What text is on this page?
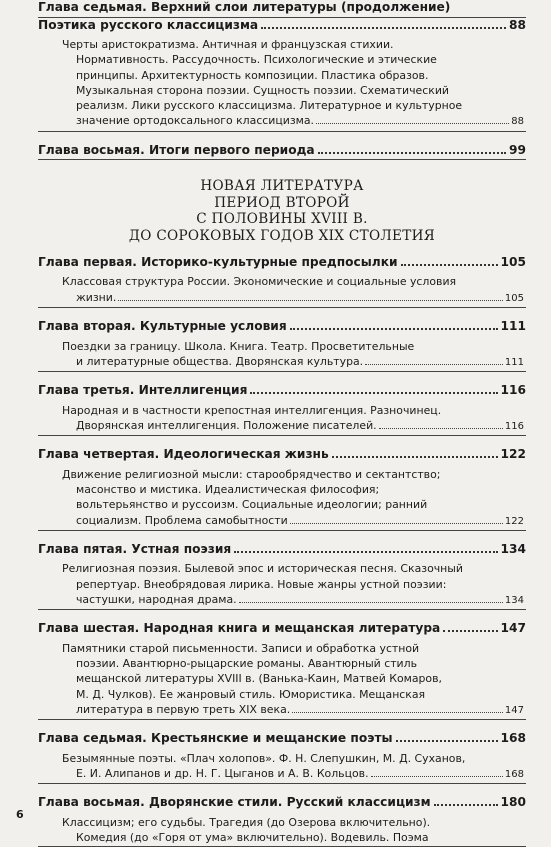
Глава седьмая. Верхний слои литературы (продолжение)
Поэтика русского классицизма	88
Черты аристократизма. Античная и французская стихии.
Нормативность. Рассудочность. Психологические и этические
принципы. Архитектурность композиции. Пластика образов.
Музыкальная сторона поэзии. Сущность поэзии. Схематический
реализм. Лики русского классицизма. Литературное и культурное
значение ортодоксального классицизма.	88
Глава восьмая. Итоги первого периода	99
НОВАЯ ЛИТЕРАТУРА
ПЕРИОД ВТОРОЙ
С ПОЛОВИНЫ XVIII В.
ДО СОРОКОВЫХ ГОДОВ XIX СТОЛЕТИЯ
Глава первая. Историко-культурные предпосылки	105
Классовая структура России. Экономические и социальные условия
жизни.	105
Глава вторая. Культурные условия	111
Поездки за границу. Школа. Книга. Театр. Просветительные
и литературные общества. Дворянская культура.	111
Глава третья. Интеллигенция	116
Народная и в частности крепостная интеллигенция. Разночинец.
Дворянская интеллигенция. Положение писателей.	116
Глава четвертая. Идеологическая жизнь	122
Движение религиозной мысли: старообрядчество и сектантство;
масонство и мистика. Идеалистическая философия;
вольтерьянство и руссоизм. Социальные идеологии; ранний
социализм. Проблема самобытности	122
Глава пятая. Устная поэзия	134
Религиозная поэзия. Былевой эпос и историческая песня. Сказочный
репертуар. Внеобрядовая лирика. Новые жанры устной поэзии:
частушки, народная драма.	134
Глава шестая. Народная книга и мещанская литература	147
Памятники старой письменности. Записи и обработка устной
поэзии. Авантюрно-рыцарские романы. Авантюрный стиль
мещанской литературы XVIII в. (Ванька-Каин, Матвей Комаров,
М. Д. Чулков). Ее жанровый стиль. Юмористика. Мещанская
литература в первую треть XIX века.	147
Глава седьмая. Крестьянские и мещанские поэты	168
Безымянные поэты. «Плач холопов». Ф. Н. Слепушкин, М. Д. Суханов,
Е. И. Алипанов и др. Н. Г. Цыганов и А. В. Кольцов.	168
Глава восьмая. Дворянские стили. Русский классицизм	180
Классицизм; его судьбы. Трагедия (до Озерова включительно).
Комедия (до «Горя от ума» включительно). Водевиль. Поэма
6
